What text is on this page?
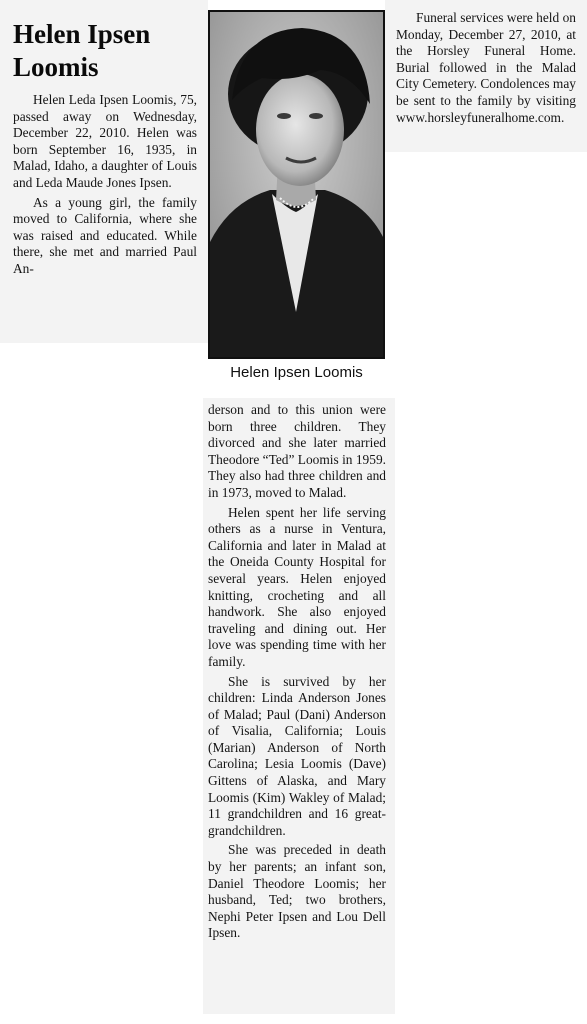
Helen Ipsen Loomis

Helen Leda Ipsen Loomis, 75, passed away on Wednesday, December 22, 2010. Helen was born September 16, 1935, in Malad, Idaho, a daughter of Louis and Leda Maude Jones Ipsen.

As a young girl, the family moved to California, where she was raised and educated. While there, she met and married Paul An-

Helen Ipsen Loomis

derson and to this union were born three children. They divorced and she later married Theodore “Ted” Loomis in 1959. They also had three children and in 1973, moved to Malad.

Helen spent her life serving others as a nurse in Ventura, California and later in Malad at the Oneida County Hospital for several years. Helen enjoyed knitting, crocheting and all handwork. She also enjoyed traveling and dining out. Her love was spending time with her family.

She is survived by her children: Linda Anderson Jones of Malad; Paul (Dani) Anderson of Visalia, California; Louis (Marian) Anderson of North Carolina; Lesia Loomis (Dave) Gittens of Alaska, and Mary Loomis (Kim) Wakley of Malad; 11 grandchildren and 16 great-grandchildren.

She was preceded in death by her parents; an infant son, Daniel Theodore Loomis; her husband, Ted; two brothers, Nephi Peter Ipsen and Lou Dell Ipsen.

Funeral services were held on Monday, December 27, 2010, at the Horsley Funeral Home. Burial followed in the Malad City Cemetery. Condolences may be sent to the family by visiting www.horsleyfuneralhome.com.
